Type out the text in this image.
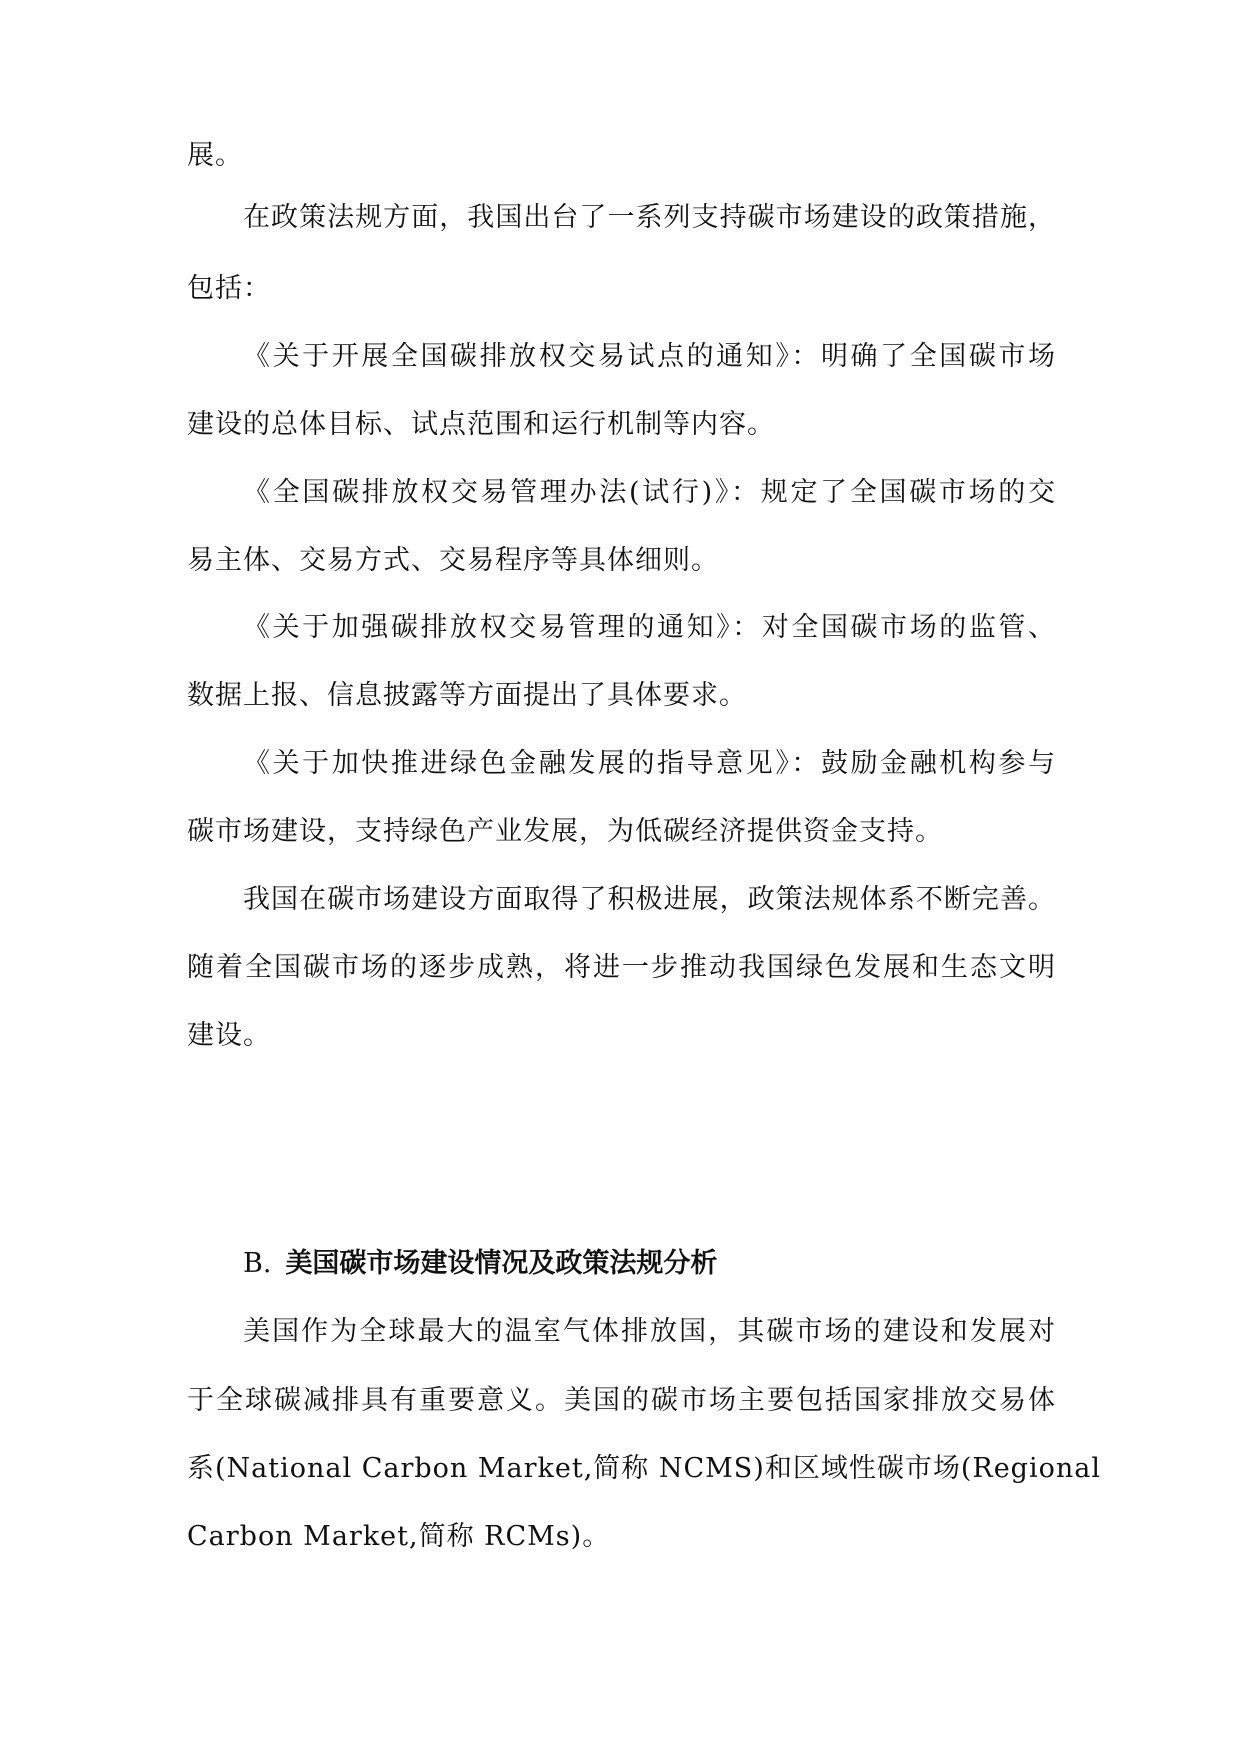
展。
在政策法规方面，我国出台了一系列支持碳市场建设的政策措施，
包括：
《关于开展全国碳排放权交易试点的通知》：明确了全国碳市场
建设的总体目标、试点范围和运行机制等内容。
《全国碳排放权交易管理办法(试行)》：规定了全国碳市场的交
易主体、交易方式、交易程序等具体细则。
《关于加强碳排放权交易管理的通知》：对全国碳市场的监管、
数据上报、信息披露等方面提出了具体要求。
《关于加快推进绿色金融发展的指导意见》：鼓励金融机构参与
碳市场建设，支持绿色产业发展，为低碳经济提供资金支持。
我国在碳市场建设方面取得了积极进展，政策法规体系不断完善。
随着全国碳市场的逐步成熟，将进一步推动我国绿色发展和生态文明
建设。
B. 美国碳市场建设情况及政策法规分析
美国作为全球最大的温室气体排放国，其碳市场的建设和发展对
于全球碳减排具有重要意义。美国的碳市场主要包括国家排放交易体
系(National Carbon Market,简称 NCMS)和区域性碳市场(Regional
Carbon Market,简称 RCMs)。
